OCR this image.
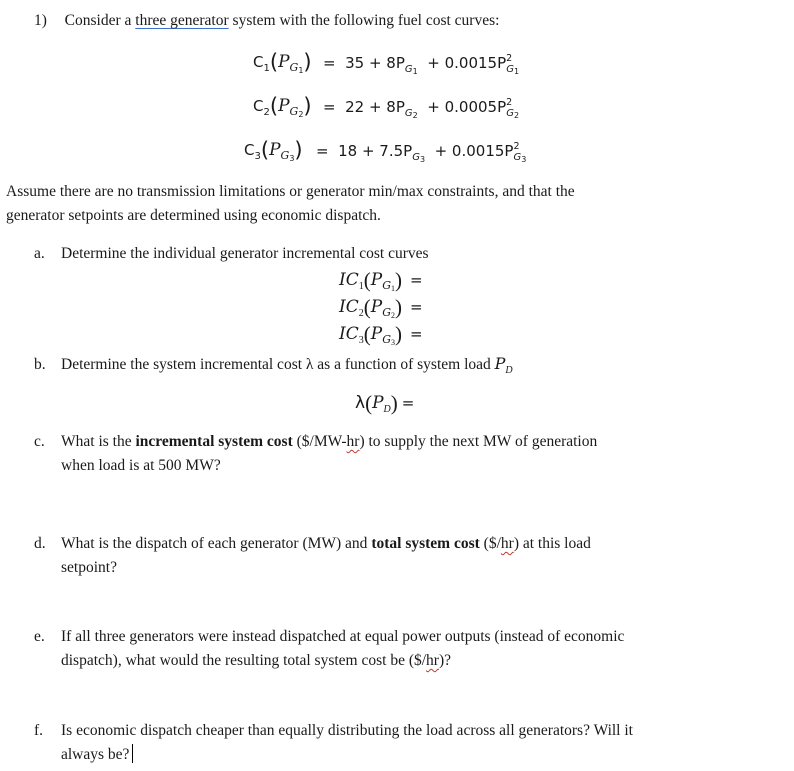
1) Consider a three generator system with the following fuel cost curves:
$C_1(P_{G_1}) = 35 + 8P_{G_1} + 0.0015P^2_{G_1}$
$C_2(P_{G_2}) = 22 + 8P_{G_2} + 0.0005P^2_{G_2}$
$C_3(P_{G_3}) = 18 + 7.5P_{G_3} + 0.0015P^2_{G_3}$
Assume there are no transmission limitations or generator min/max constraints, and that the
generator setpoints are determined using economic dispatch.
a. Determine the individual generator incremental cost curves
$IC_1(P_{G_1})$ =
$IC_2(P_{G_2})$ =
$IC_3(P_{G_3})$ =
b. Determine the system incremental cost λ as a function of system load $P_D$
$\lambda(P_D)$ =
c. What is the incremental system cost ($/MW-hr) to supply the next MW of generation
when load is at 500 MW?
d. What is the dispatch of each generator (MW) and total system cost ($/hr) at this load
setpoint?
e. If all three generators were instead dispatched at equal power outputs (instead of economic
dispatch), what would the resulting total system cost be ($/hr)?
f. Is economic dispatch cheaper than equally distributing the load across all generators? Will it
always be?
